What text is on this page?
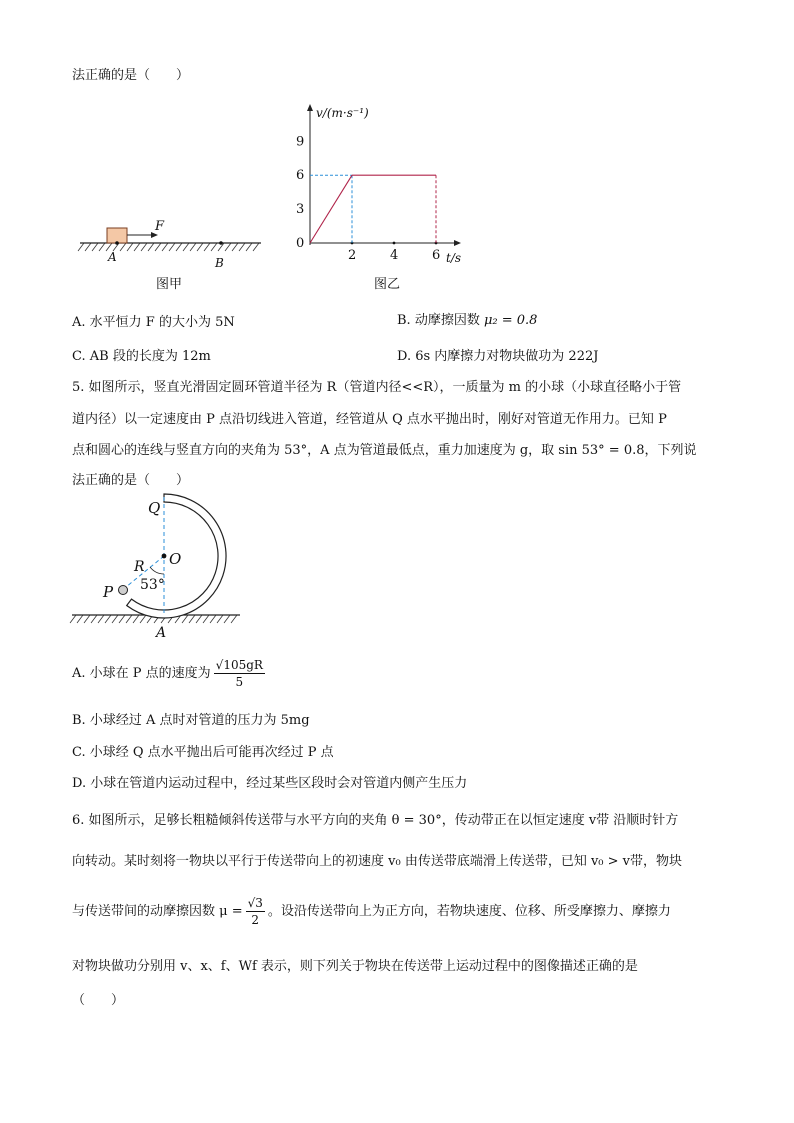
法正确的是（　　）
F
A	B
图甲
v/(m·s⁻¹)
t/s
9
6
3
0
2	4	6
图乙
A. 水平恒力 F 的大小为 5N	B. 动摩擦因数 μ₂ = 0.8
C. AB 段的长度为 12m	D. 6s 内摩擦力对物块做功为 222J
5. 如图所示，竖直光滑固定圆环管道半径为 R（管道内径<<R），一质量为 m 的小球（小球直径略小于管
道内径）以一定速度由 P 点沿切线进入管道，经管道从 Q 点水平抛出时，刚好对管道无作用力。已知 P
点和圆心的连线与竖直方向的夹角为 53°，A 点为管道最低点，重力加速度为 g，取 sin 53° = 0.8，下列说
法正确的是（　　）
Q
O
R
53°
P
A
A. 小球在 P 点的速度为 $\frac{√105gR}{5}$
B. 小球经过 A 点时对管道的压力为 5mg
C. 小球经 Q 点水平抛出后可能再次经过 P 点
D. 小球在管道内运动过程中，经过某些区段时会对管道内侧产生压力
6. 如图所示，足够长粗糙倾斜传送带与水平方向的夹角 θ = 30°，传动带正在以恒定速度 v带 沿顺时针方
向转动。某时刻将一物块以平行于传送带向上的初速度 v₀ 由传送带底端滑上传送带，已知 v₀ > v带，物块
与传送带间的动摩擦因数 $\mu = \frac{√3}{2}$ 。设沿传送带向上为正方向，若物块速度、位移、所受摩擦力、摩擦力
对物块做功分别用 v、x、f、Wf 表示，则下列关于物块在传送带上运动过程中的图像描述正确的是
（　　）
